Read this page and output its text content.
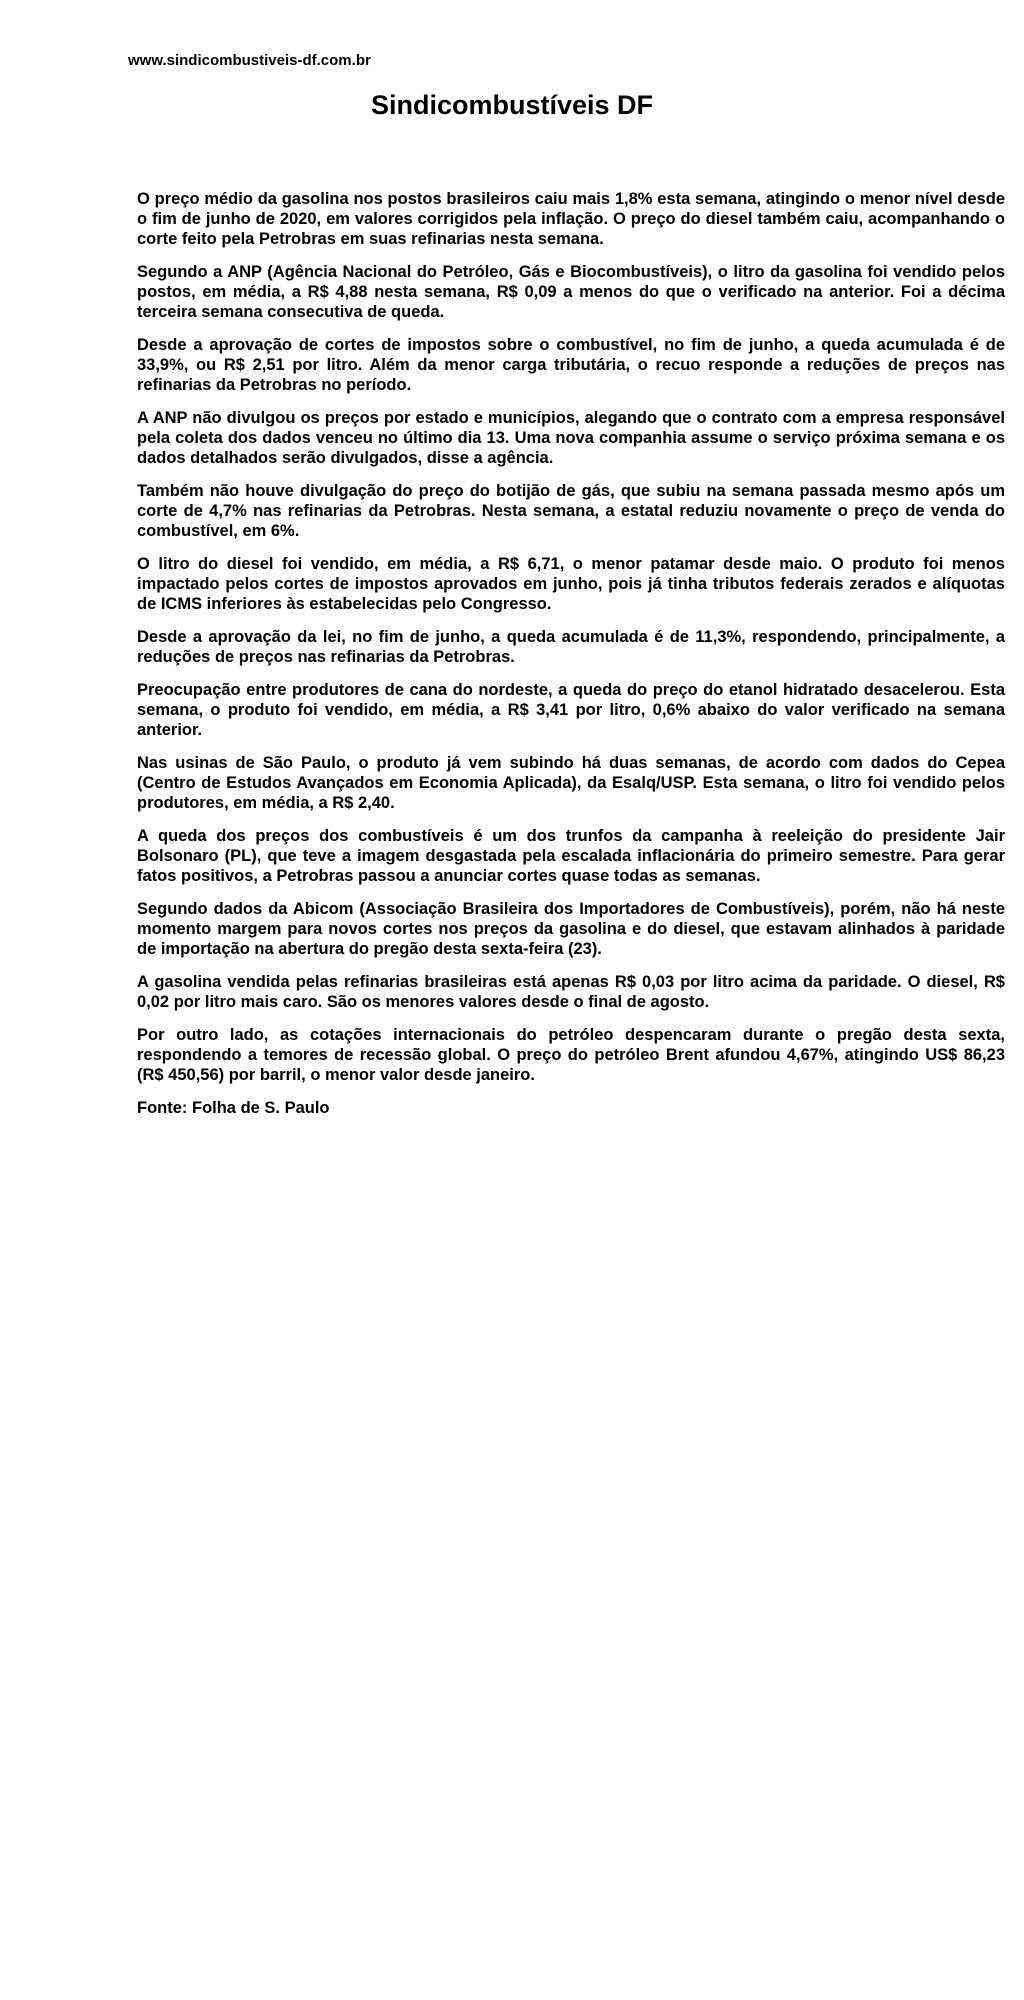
www.sindicombustiveis-df.com.br
Sindicombustíveis DF

O preço médio da gasolina nos postos brasileiros caiu mais 1,8% esta semana, atingindo o menor nível desde o fim de junho de 2020, em valores corrigidos pela inflação. O preço do diesel também caiu, acompanhando o corte feito pela Petrobras em suas refinarias nesta semana.

Segundo a ANP (Agência Nacional do Petróleo, Gás e Biocombustíveis), o litro da gasolina foi vendido pelos postos, em média, a R$ 4,88 nesta semana, R$ 0,09 a menos do que o verificado na anterior. Foi a décima terceira semana consecutiva de queda.

Desde a aprovação de cortes de impostos sobre o combustível, no fim de junho, a queda acumulada é de 33,9%, ou R$ 2,51 por litro. Além da menor carga tributária, o recuo responde a reduções de preços nas refinarias da Petrobras no período.

A ANP não divulgou os preços por estado e municípios, alegando que o contrato com a empresa responsável pela coleta dos dados venceu no último dia 13. Uma nova companhia assume o serviço próxima semana e os dados detalhados serão divulgados, disse a agência.

Também não houve divulgação do preço do botijão de gás, que subiu na semana passada mesmo após um corte de 4,7% nas refinarias da Petrobras. Nesta semana, a estatal reduziu novamente o preço de venda do combustível, em 6%.

O litro do diesel foi vendido, em média, a R$ 6,71, o menor patamar desde maio. O produto foi menos impactado pelos cortes de impostos aprovados em junho, pois já tinha tributos federais zerados e alíquotas de ICMS inferiores às estabelecidas pelo Congresso.

Desde a aprovação da lei, no fim de junho, a queda acumulada é de 11,3%, respondendo, principalmente, a reduções de preços nas refinarias da Petrobras.

Preocupação entre produtores de cana do nordeste, a queda do preço do etanol hidratado desacelerou. Esta semana, o produto foi vendido, em média, a R$ 3,41 por litro, 0,6% abaixo do valor verificado na semana anterior.

Nas usinas de São Paulo, o produto já vem subindo há duas semanas, de acordo com dados do Cepea (Centro de Estudos Avançados em Economia Aplicada), da Esalq/USP. Esta semana, o litro foi vendido pelos produtores, em média, a R$ 2,40.

A queda dos preços dos combustíveis é um dos trunfos da campanha à reeleição do presidente Jair Bolsonaro (PL), que teve a imagem desgastada pela escalada inflacionária do primeiro semestre. Para gerar fatos positivos, a Petrobras passou a anunciar cortes quase todas as semanas.

Segundo dados da Abicom (Associação Brasileira dos Importadores de Combustíveis), porém, não há neste momento margem para novos cortes nos preços da gasolina e do diesel, que estavam alinhados à paridade de importação na abertura do pregão desta sexta-feira (23).

A gasolina vendida pelas refinarias brasileiras está apenas R$ 0,03 por litro acima da paridade. O diesel, R$ 0,02 por litro mais caro. São os menores valores desde o final de agosto.

Por outro lado, as cotações internacionais do petróleo despencaram durante o pregão desta sexta, respondendo a temores de recessão global. O preço do petróleo Brent afundou 4,67%, atingindo US$ 86,23 (R$ 450,56) por barril, o menor valor desde janeiro.

Fonte: Folha de S. Paulo
